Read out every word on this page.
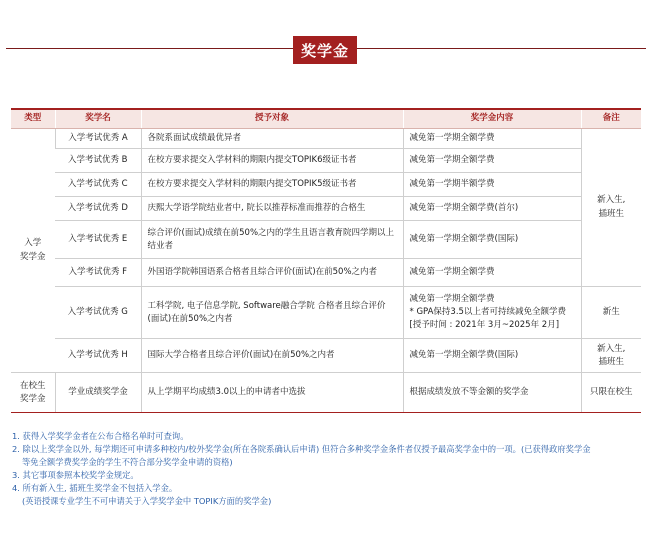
奖学金
类型	奖学名	授予对象	奖学金内容	备注
入学
奖学金	入学考试优秀 A	各院系面试成绩最优异者	减免第一学期全额学费	新入生,
插班生
	入学考试优秀 B	在校方要求提交入学材料的期限内提交TOPIK6级证书者	减免第一学期全额学费	
	入学考试优秀 C	在校方要求提交入学材料的期限内提交TOPIK5级证书者	减免第一学期半额学费	
	入学考试优秀 D	庆熙大学语学院结业者中, 院长以推荐标准而推荐的合格生	减免第一学期全额学费(首尔)	
	入学考试优秀 E	综合评价(面试)成绩在前50%之内的学生且语言教育院四学期以上结业者	减免第一学期全额学费(国际)	
	入学考试优秀 F	外国语学院韩国语系合格者且综合评价(面试)在前50%之内者	减免第一学期全额学费	
	入学考试优秀 G	工科学院, 电子信息学院, Software融合学院 合格者且综合评价(面试)在前50%之内者	减免第一学期全额学费
* GPA保持3.5以上者可持续减免全额学费
[授予时间 : 2021年 3月~2025年 2月]	新生
	入学考试优秀 H	国际大学合格者且综合评价(面试)在前50%之内者	减免第一学期全额学费(国际)	新入生,
插班生
在校生
奖学金	学业成绩奖学金	从上学期平均成绩3.0以上的申请者中选拔	根据成绩发放不等金额的奖学金	只限在校生

1. 获得入学奖学金者在公布合格名单时可查询。

2. 除以上奖学金以外, 每学期还可申请多种校内/校外奖学金(所在各院系确认后申请) 但符合多种奖学金条件者仅授予最高奖学金中的一项。(已获得政府奖学金

等免全额学费奖学金的学生不符合部分奖学金申请的资格)

3. 其它事项参照本校奖学金规定。

4. 所有新入生, 插班生奖学金不包括入学金。

(英语授课专业学生不可申请关于入学奖学金中 TOPIK方面的奖学金)
